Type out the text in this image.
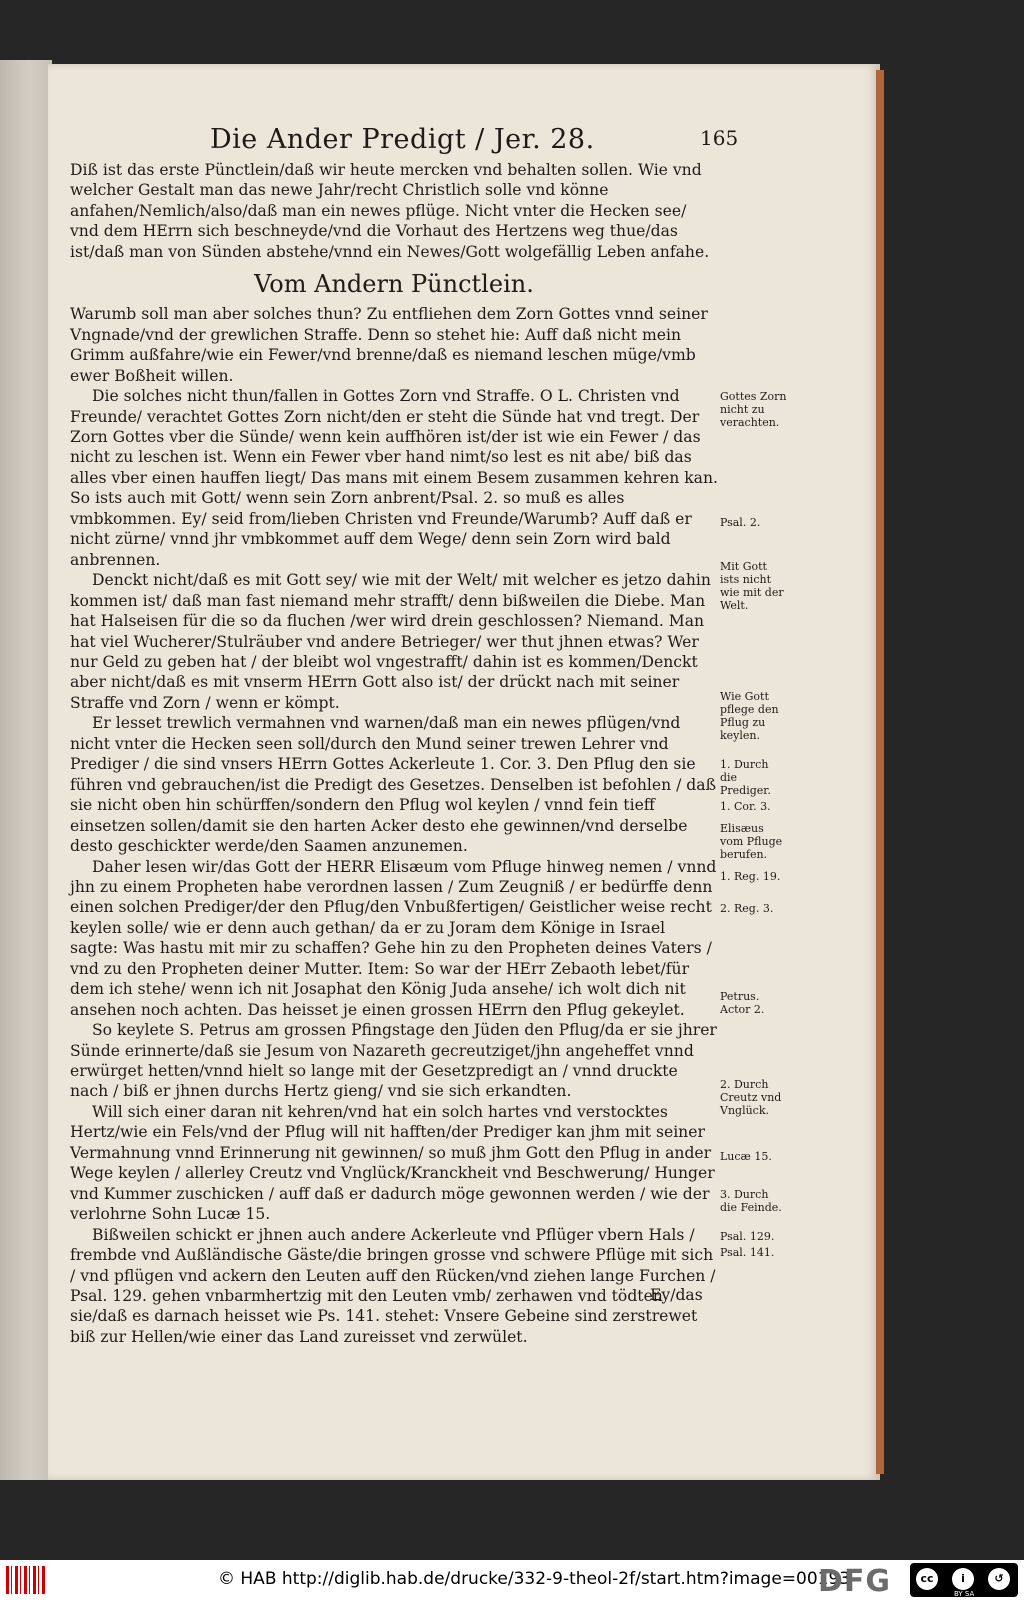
Die Ander Predigt / Jer. 28.	165

Diß ist das erste Pünctlein/daß wir heute mercken vnd behalten sollen. Wie vnd welcher Gestalt man das newe Jahr/recht Christlich solle vnd könne anfahen/Nemlich/also/daß man ein newes pflüge. Nicht vnter die Hecken see/ vnd dem HErrn sich beschneyde/vnd die Vorhaut des Hertzens weg thue/das ist/daß man von Sünden abstehe/vnnd ein Newes/Gott wolgefällig Leben anfahe.

Vom Andern Pünctlein.

Warumb soll man aber solches thun? Zu entfliehen dem Zorn Gottes vnnd seiner Vngnade/vnd der grewlichen Straffe. Denn so stehet hie: Auff daß nicht mein Grimm außfahre/wie ein Fewer/vnd brenne/daß es niemand leschen müge/vmb ewer Boßheit willen.

Die solches nicht thun/fallen in Gottes Zorn vnd Straffe. O L. Christen vnd Freunde/ verachtet Gottes Zorn nicht/den er steht die Sünde hat vnd tregt. Der Zorn Gottes vber die Sünde/ wenn kein auffhören ist/der ist wie ein Fewer / das nicht zu leschen ist. Wenn ein Fewer vber hand nimt/so lest es nit abe/ biß das alles vber einen hauffen liegt/ Das mans mit einem Besem zusammen kehren kan. So ists auch mit Gott/ wenn sein Zorn anbrent/Psal. 2. so muß es alles vmbkommen. Ey/ seid from/lieben Christen vnd Freunde/Warumb? Auff daß er nicht zürne/ vnnd jhr vmbkommet auff dem Wege/ denn sein Zorn wird bald anbrennen.

Denckt nicht/daß es mit Gott sey/ wie mit der Welt/ mit welcher es jetzo dahin kommen ist/ daß man fast niemand mehr strafft/ denn bißweilen die Diebe. Man hat Halseisen für die so da fluchen /wer wird drein geschlossen? Niemand. Man hat viel Wucherer/Stulräuber vnd andere Betrieger/ wer thut jhnen etwas? Wer nur Geld zu geben hat / der bleibt wol vngestrafft/ dahin ist es kommen/Denckt aber nicht/daß es mit vnserm HErrn Gott also ist/ der drückt nach mit seiner Straffe vnd Zorn / wenn er kömpt.

Er lesset trewlich vermahnen vnd warnen/daß man ein newes pflügen/vnd nicht vnter die Hecken seen soll/durch den Mund seiner trewen Lehrer vnd Prediger / die sind vnsers HErrn Gottes Ackerleute 1. Cor. 3. Den Pflug den sie führen vnd gebrauchen/ist die Predigt des Gesetzes. Denselben ist befohlen / daß sie nicht oben hin schürffen/sondern den Pflug wol keylen / vnnd fein tieff einsetzen sollen/damit sie den harten Acker desto ehe gewinnen/vnd derselbe desto geschickter werde/den Saamen anzunemen.

Daher lesen wir/das Gott der HERR Elisæum vom Pfluge hinweg nemen / vnnd jhn zu einem Propheten habe verordnen lassen / Zum Zeugniß / er bedürffe denn einen solchen Prediger/der den Pflug/den Vnbußfertigen/ Geistlicher weise recht keylen solle/ wie er denn auch gethan/ da er zu Joram dem Könige in Israel sagte: Was hastu mit mir zu schaffen? Gehe hin zu den Propheten deines Vaters / vnd zu den Propheten deiner Mutter. Item: So war der HErr Zebaoth lebet/für dem ich stehe/ wenn ich nit Josaphat den König Juda ansehe/ ich wolt dich nit ansehen noch achten. Das heisset je einen grossen HErrn den Pflug gekeylet.

So keylete S. Petrus am grossen Pfingstage den Jüden den Pflug/da er sie jhrer Sünde erinnerte/daß sie Jesum von Nazareth gecreutziget/jhn angeheffet vnnd erwürget hetten/vnnd hielt so lange mit der Gesetzpredigt an / vnnd druckte nach / biß er jhnen durchs Hertz gieng/ vnd sie sich erkandten.

Will sich einer daran nit kehren/vnd hat ein solch hartes vnd verstocktes Hertz/wie ein Fels/vnd der Pflug will nit hafften/der Prediger kan jhm mit seiner Vermahnung vnnd Erinnerung nit gewinnen/ so muß jhm Gott den Pflug in ander Wege keylen / allerley Creutz vnd Vnglück/Kranckheit vnd Beschwerung/ Hunger vnd Kummer zuschicken / auff daß er dadurch möge gewonnen werden / wie der verlohrne Sohn Lucæ 15.

Bißweilen schickt er jhnen auch andere Ackerleute vnd Pflüger vbern Hals / frembde vnd Außländische Gäste/die bringen grosse vnd schwere Pflüge mit sich / vnd pflügen vnd ackern den Leuten auff den Rücken/vnd ziehen lange Furchen / Psal. 129. gehen vnbarmhertzig mit den Leuten vmb/ zerhawen vnd tödten sie/daß es darnach heisset wie Ps. 141. stehet: Vnsere Gebeine sind zerstrewet biß zur Hellen/wie einer das Land zureisset vnd zerwület.

Ey/das
Gottes Zorn nicht zu verachten.
Psal. 2.
Mit Gott ists nicht wie mit der Welt.
Wie Gott pflege den Pflug zu keylen.
1. Durch die Prediger.
1. Cor. 3.
Elisæus vom Pfluge berufen.
1. Reg. 19.
2. Reg. 3.
Petrus. Actor 2.
2. Durch Creutz vnd Vnglück.
Lucæ 15.
3. Durch die Feinde.
Psal. 129.
Psal. 141.
© HAB http://diglib.hab.de/drucke/332-9-theol-2f/start.htm?image=00193
DFG	cc	i	↺
BY SA
